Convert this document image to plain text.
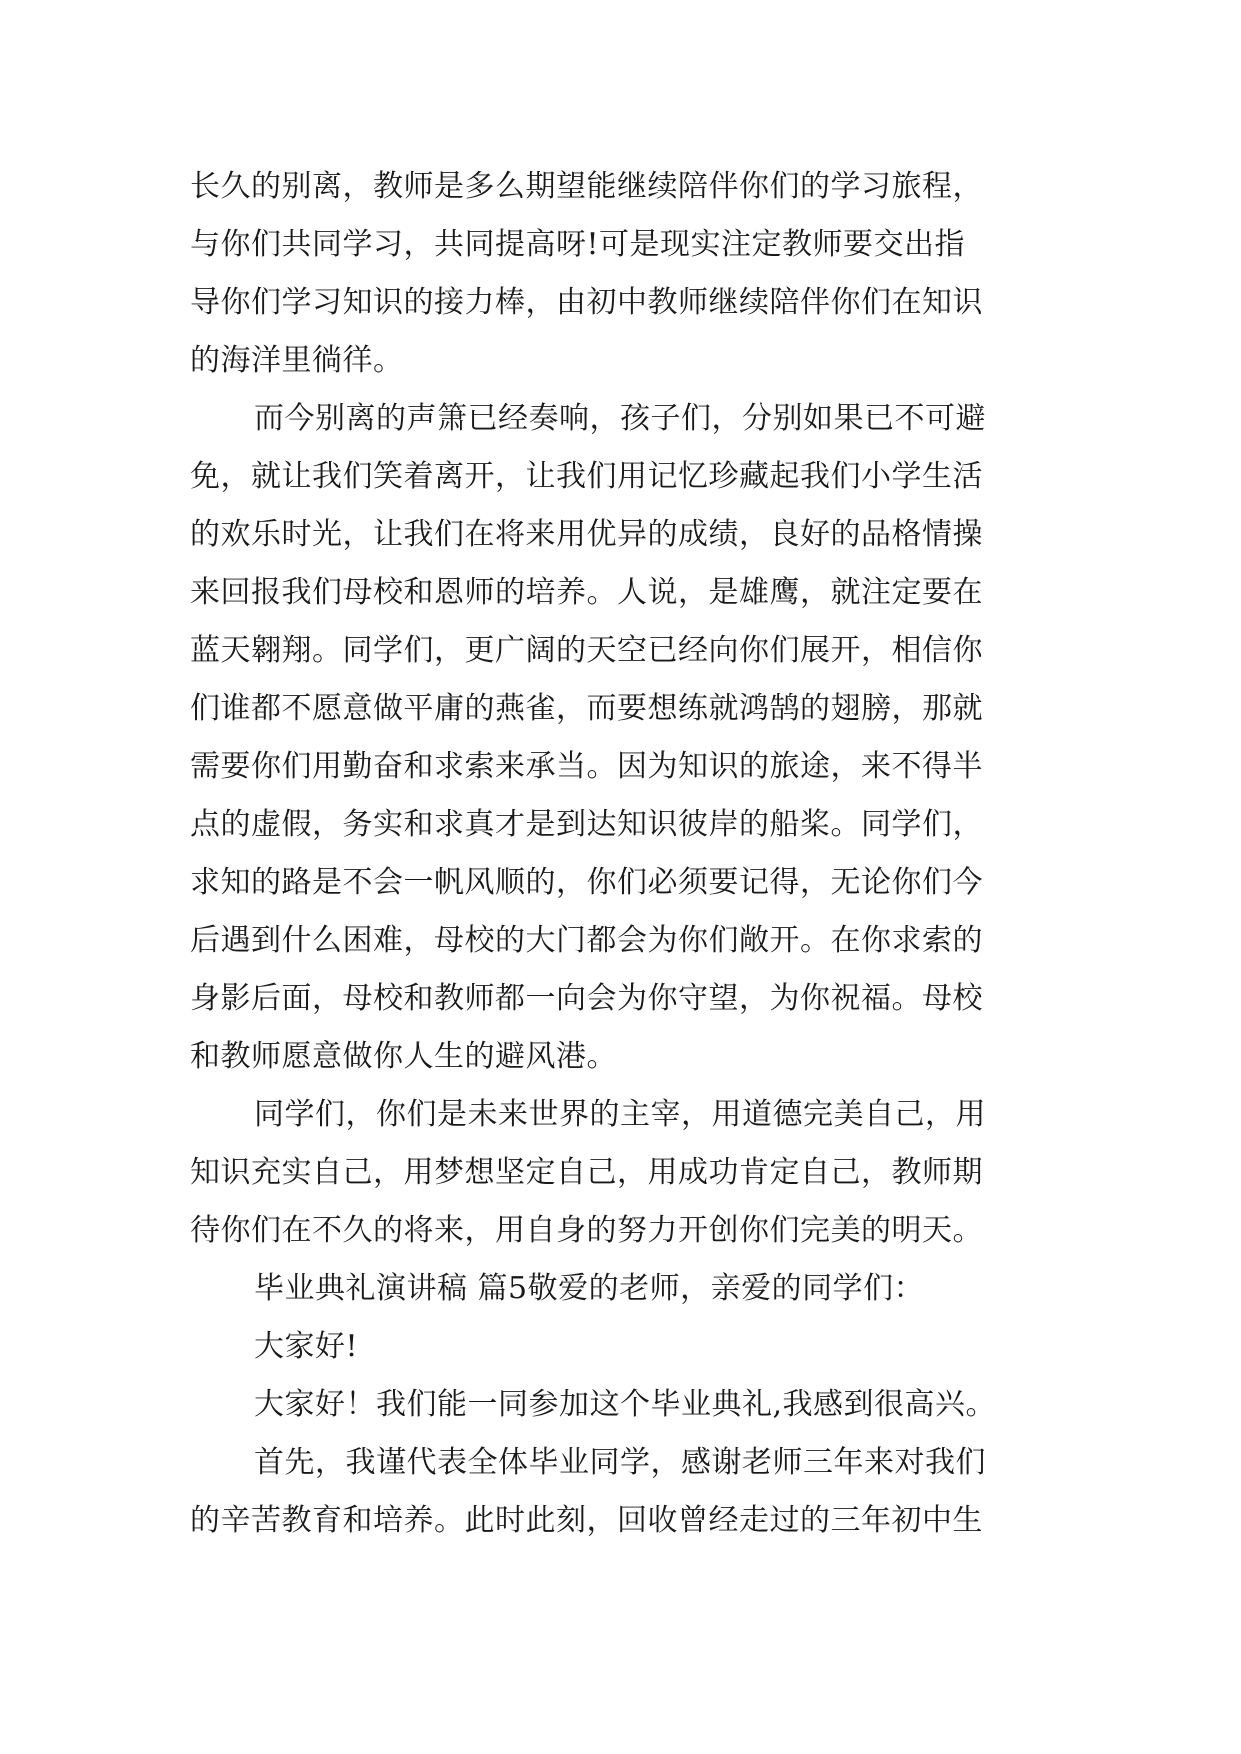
长久的别离，教师是多么期望能继续陪伴你们的学习旅程，
与你们共同学习，共同提高呀!可是现实注定教师要交出指
导你们学习知识的接力棒，由初中教师继续陪伴你们在知识
的海洋里徜徉。
而今别离的声箫已经奏响，孩子们，分别如果已不可避
免，就让我们笑着离开，让我们用记忆珍藏起我们小学生活
的欢乐时光，让我们在将来用优异的成绩，良好的品格情操
来回报我们母校和恩师的培养。人说，是雄鹰，就注定要在
蓝天翱翔。同学们，更广阔的天空已经向你们展开，相信你
们谁都不愿意做平庸的燕雀，而要想练就鸿鹄的翅膀，那就
需要你们用勤奋和求索来承当。因为知识的旅途，来不得半
点的虚假，务实和求真才是到达知识彼岸的船桨。同学们，
求知的路是不会一帆风顺的，你们必须要记得，无论你们今
后遇到什么困难，母校的大门都会为你们敞开。在你求索的
身影后面，母校和教师都一向会为你守望，为你祝福。母校
和教师愿意做你人生的避风港。
同学们，你们是未来世界的主宰，用道德完美自己，用
知识充实自己，用梦想坚定自己，用成功肯定自己，教师期
待你们在不久的将来，用自身的努力开创你们完美的明天。
毕业典礼演讲稿 篇5敬爱的老师，亲爱的同学们：
大家好!
大家好！我们能一同参加这个毕业典礼,我感到很高兴。
首先，我谨代表全体毕业同学，感谢老师三年来对我们
的辛苦教育和培养。此时此刻，回收曾经走过的三年初中生
